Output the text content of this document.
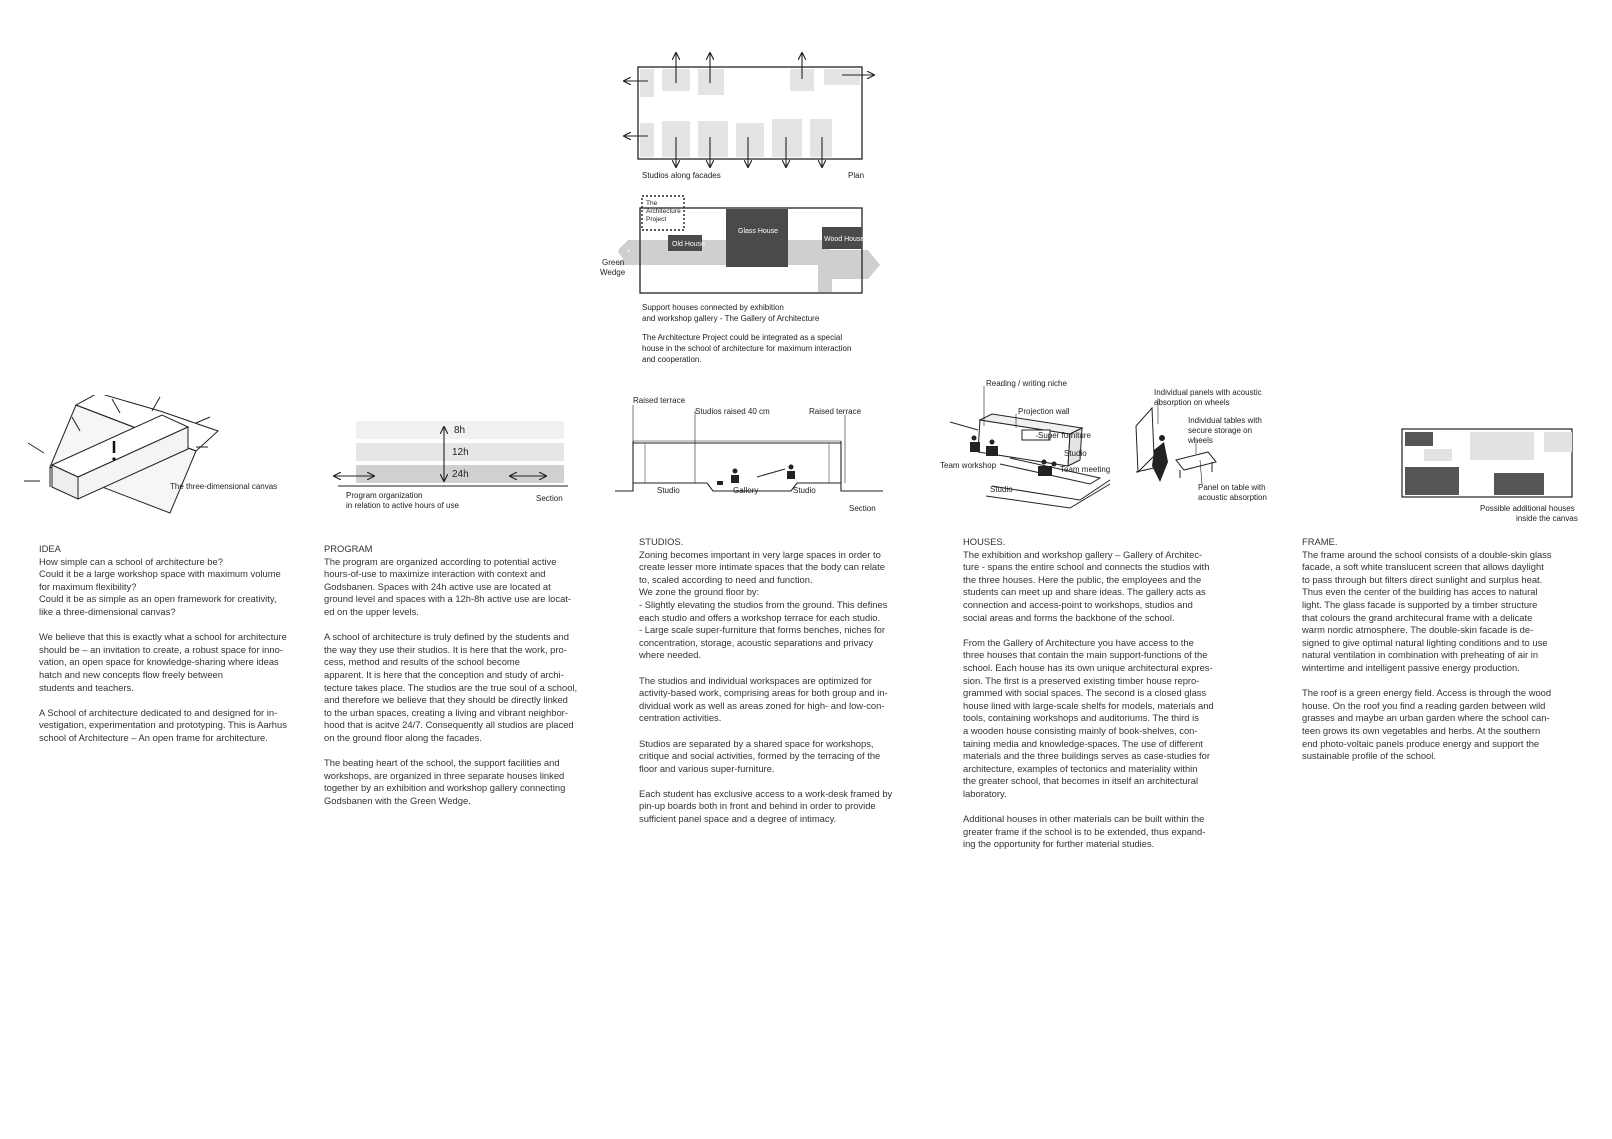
Studios along facades	Plan
The
Architecture
Project
Old House
Glass House
Wood House
Green
Wedge
Support houses connected by exhibition
and workshop gallery - The Gallery of Architecture
The Architecture Project could be integrated as a special
house in the school of architecture for maximum interaction
and cooperation.
The three-dimensional canvas
8h
12h
24h
Program organization
in relation to active hours of use
Section
Raised terrace
Studios raised 40 cm	Raised terrace
Studio	Gallery	Studio
Section
Reading / writing niche
Projection wall
Super furniture
Team workshop
Studio
Team meeting
Studio
Individual panels with acoustic
absorption on wheels
Individual tables with
secure storage on
wheels
Panel on table with
acoustic absorption
Possible additional houses
inside the canvas
IDEA

How simple can a school of architecture be?
Could it be a large workshop space with maximum volume
for maximum flexibility?
Could it be as simple as an open framework for creativity,
like a three-dimensional canvas?

We believe that this is exactly what a school for architecture
should be – an invitation to create, a robust space for inno-
vation, an open space for knowledge-sharing where ideas
hatch and new concepts flow freely between
students and teachers.

A School of architecture dedicated to and designed for in-
vestigation, experimentation and prototyping. This is Aarhus
school of Architecture – An open frame for architecture.

PROGRAM

The program are organized according to potential active
hours-of-use to maximize interaction with context and
Godsbanen. Spaces with 24h active use are located at
ground level and spaces with a 12h-8h active use are locat-
ed on the upper levels.

A school of architecture is truly defined by the students and
the way they use their studios. It is here that the work, pro-
cess, method and results of the school become
apparent. It is here that the conception and study of archi-
tecture takes place. The studios are the true soul of a school,
and therefore we believe that they should be directly linked
to the urban spaces, creating a living and vibrant neighbor-
hood that is acitve 24/7. Consequently all studios are placed
on the ground floor along the facades.

The beating heart of the school, the support facilities and
workshops, are organized in three separate houses linked
together by an exhibition and workshop gallery connecting
Godsbanen with the Green Wedge.

STUDIOS.

Zoning becomes important in very large spaces in order to
create lesser more intimate spaces that the body can relate
to, scaled according to need and function.
We zone the ground floor by:
- Slightly elevating the studios from the ground. This defines
each studio and offers a workshop terrace for each studio.
- Large scale super-furniture that forms benches, niches for
concentration, storage, acoustic separations and privacy
where needed.

The studios and individual workspaces are optimized for
activity-based work, comprising areas for both group and in-
dividual work as well as areas zoned for high- and low-con-
centration activities.

Studios are separated by a shared space for workshops,
critique and social activities, formed by the terracing of the
floor and various super-furniture.

Each student has exclusive access to a work-desk framed by
pin-up boards both in front and behind in order to provide
sufficient panel space and a degree of intimacy.

HOUSES.

The exhibition and workshop gallery – Gallery of Architec-
ture - spans the entire school and connects the studios with
the three houses. Here the public, the employees and the
students can meet up and share ideas. The gallery acts as
connection and access-point to workshops, studios and
social areas and forms the backbone of the school.

From the Gallery of Architecture you have access to the
three houses that contain the main support-functions of the
school. Each house has its own unique architectural expres-
sion. The first is a preserved existing timber house repro-
grammed with social spaces. The second is a closed glass
house lined with large-scale shelfs for models, materials and
tools, containing workshops and auditoriums. The third is
a wooden house consisting mainly of book-shelves, con-
taining media and knowledge-spaces. The use of different
materials and the three buildings serves as case-studies for
architecture, examples of tectonics and materiality within
the greater school, that becomes in itself an architectural
laboratory.

Additional houses in other materials can be built within the
greater frame if the school is to be extended, thus expand-
ing the opportunity for further material studies.

FRAME.

The frame around the school consists of a double-skin glass
facade, a soft white translucent screen that allows daylight
to pass through but filters direct sunlight and surplus heat.
Thus even the center of the building has acces to natural
light. The glass facade is supported by a timber structure
that colours the grand architecural frame with a delicate
warm nordic atmosphere. The double-skin facade is de-
signed to give optimal natural lighting conditions and to use
natural ventilation in combination with preheating of air in
wintertime and intelligent passive energy production.

The roof is a green energy field. Access is through the wood
house. On the roof you find a reading garden between wild
grasses and maybe an urban garden where the school can-
teen grows its own vegetables and herbs. At the southern
end photo-voltaic panels produce energy and support the
sustainable profile of the school.
